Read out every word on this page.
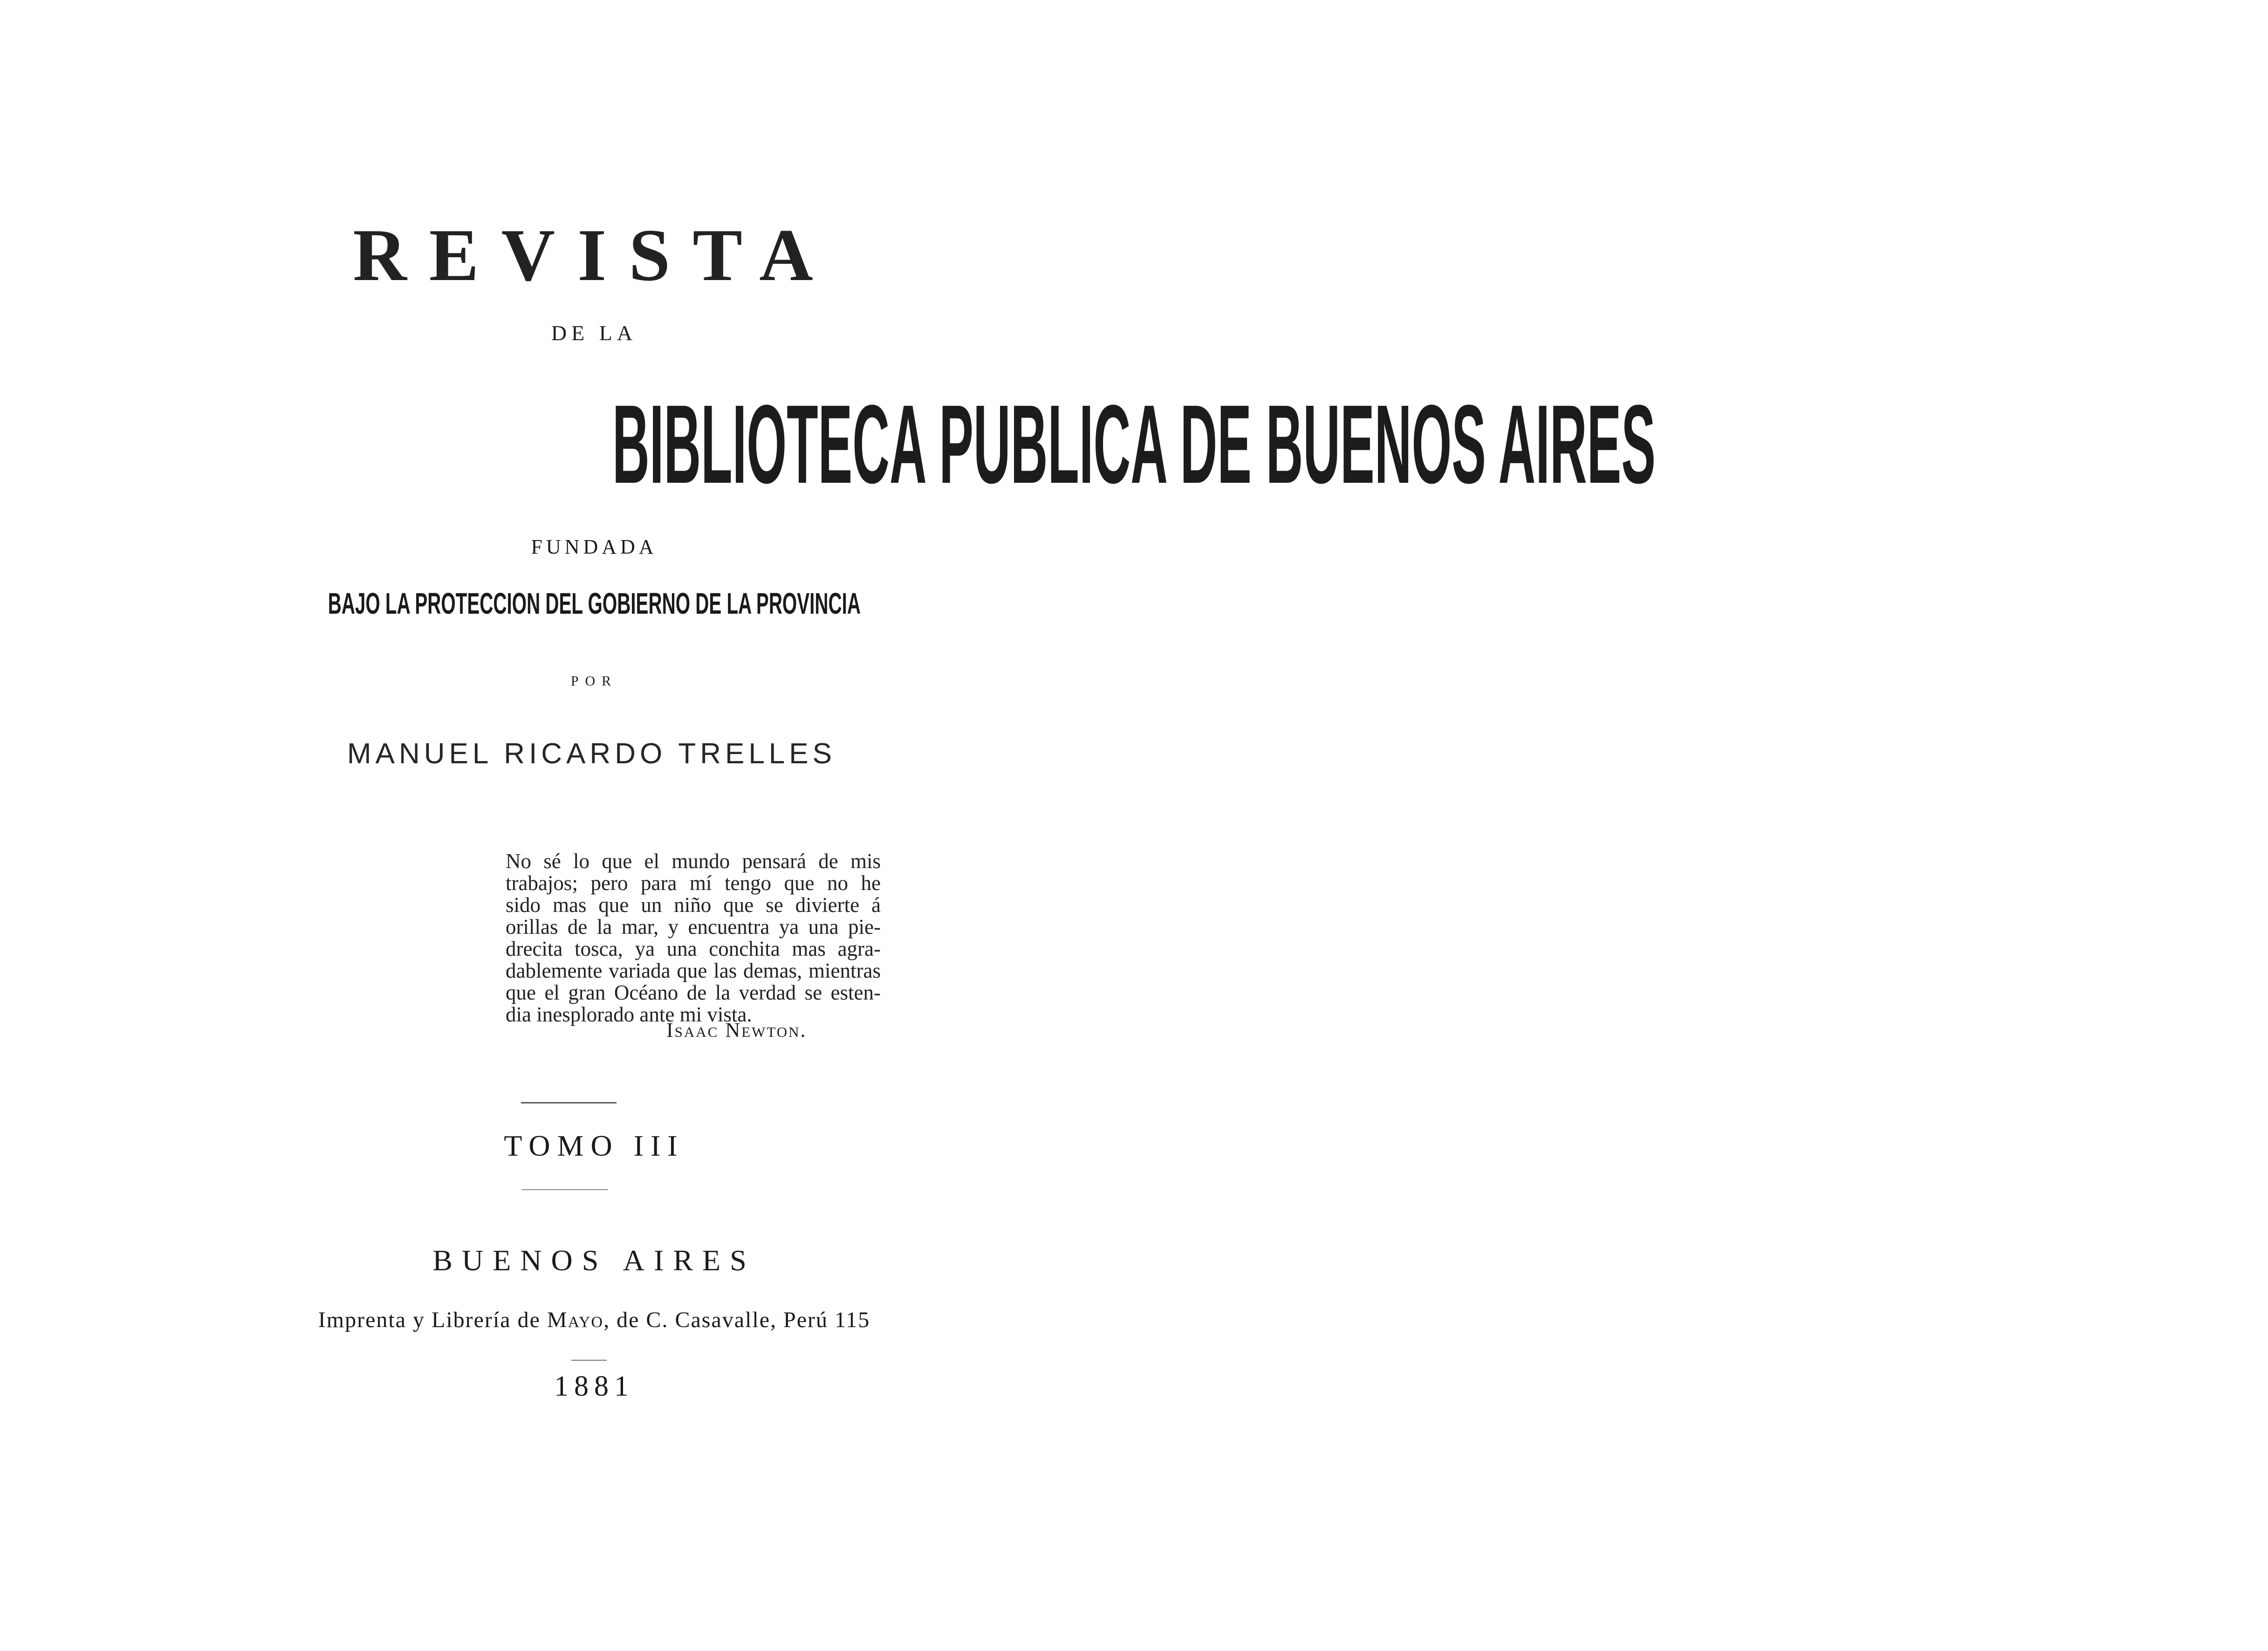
REVISTA
DE LA
BIBLIOTECA PUBLICA DE BUENOS AIRES
FUNDADA
BAJO LA PROTECCION DEL GOBIERNO DE LA PROVINCIA
POR
MANUEL RICARDO TRELLES
No sé lo que el mundo pensará de mis
trabajos; pero para mí tengo que no he
sido mas que un niño que se divierte á
orillas de la mar, y encuentra ya una pie-
drecita tosca, ya una conchita mas agra-
dablemente variada que las demas, mientras
que el gran Océano de la verdad se esten-
dia inesplorado ante mi vista.
Isaac Newton.
TOMO III
BUENOS AIRES
Imprenta y Librería de Mayo, de C. Casavalle, Perú 115
1881
